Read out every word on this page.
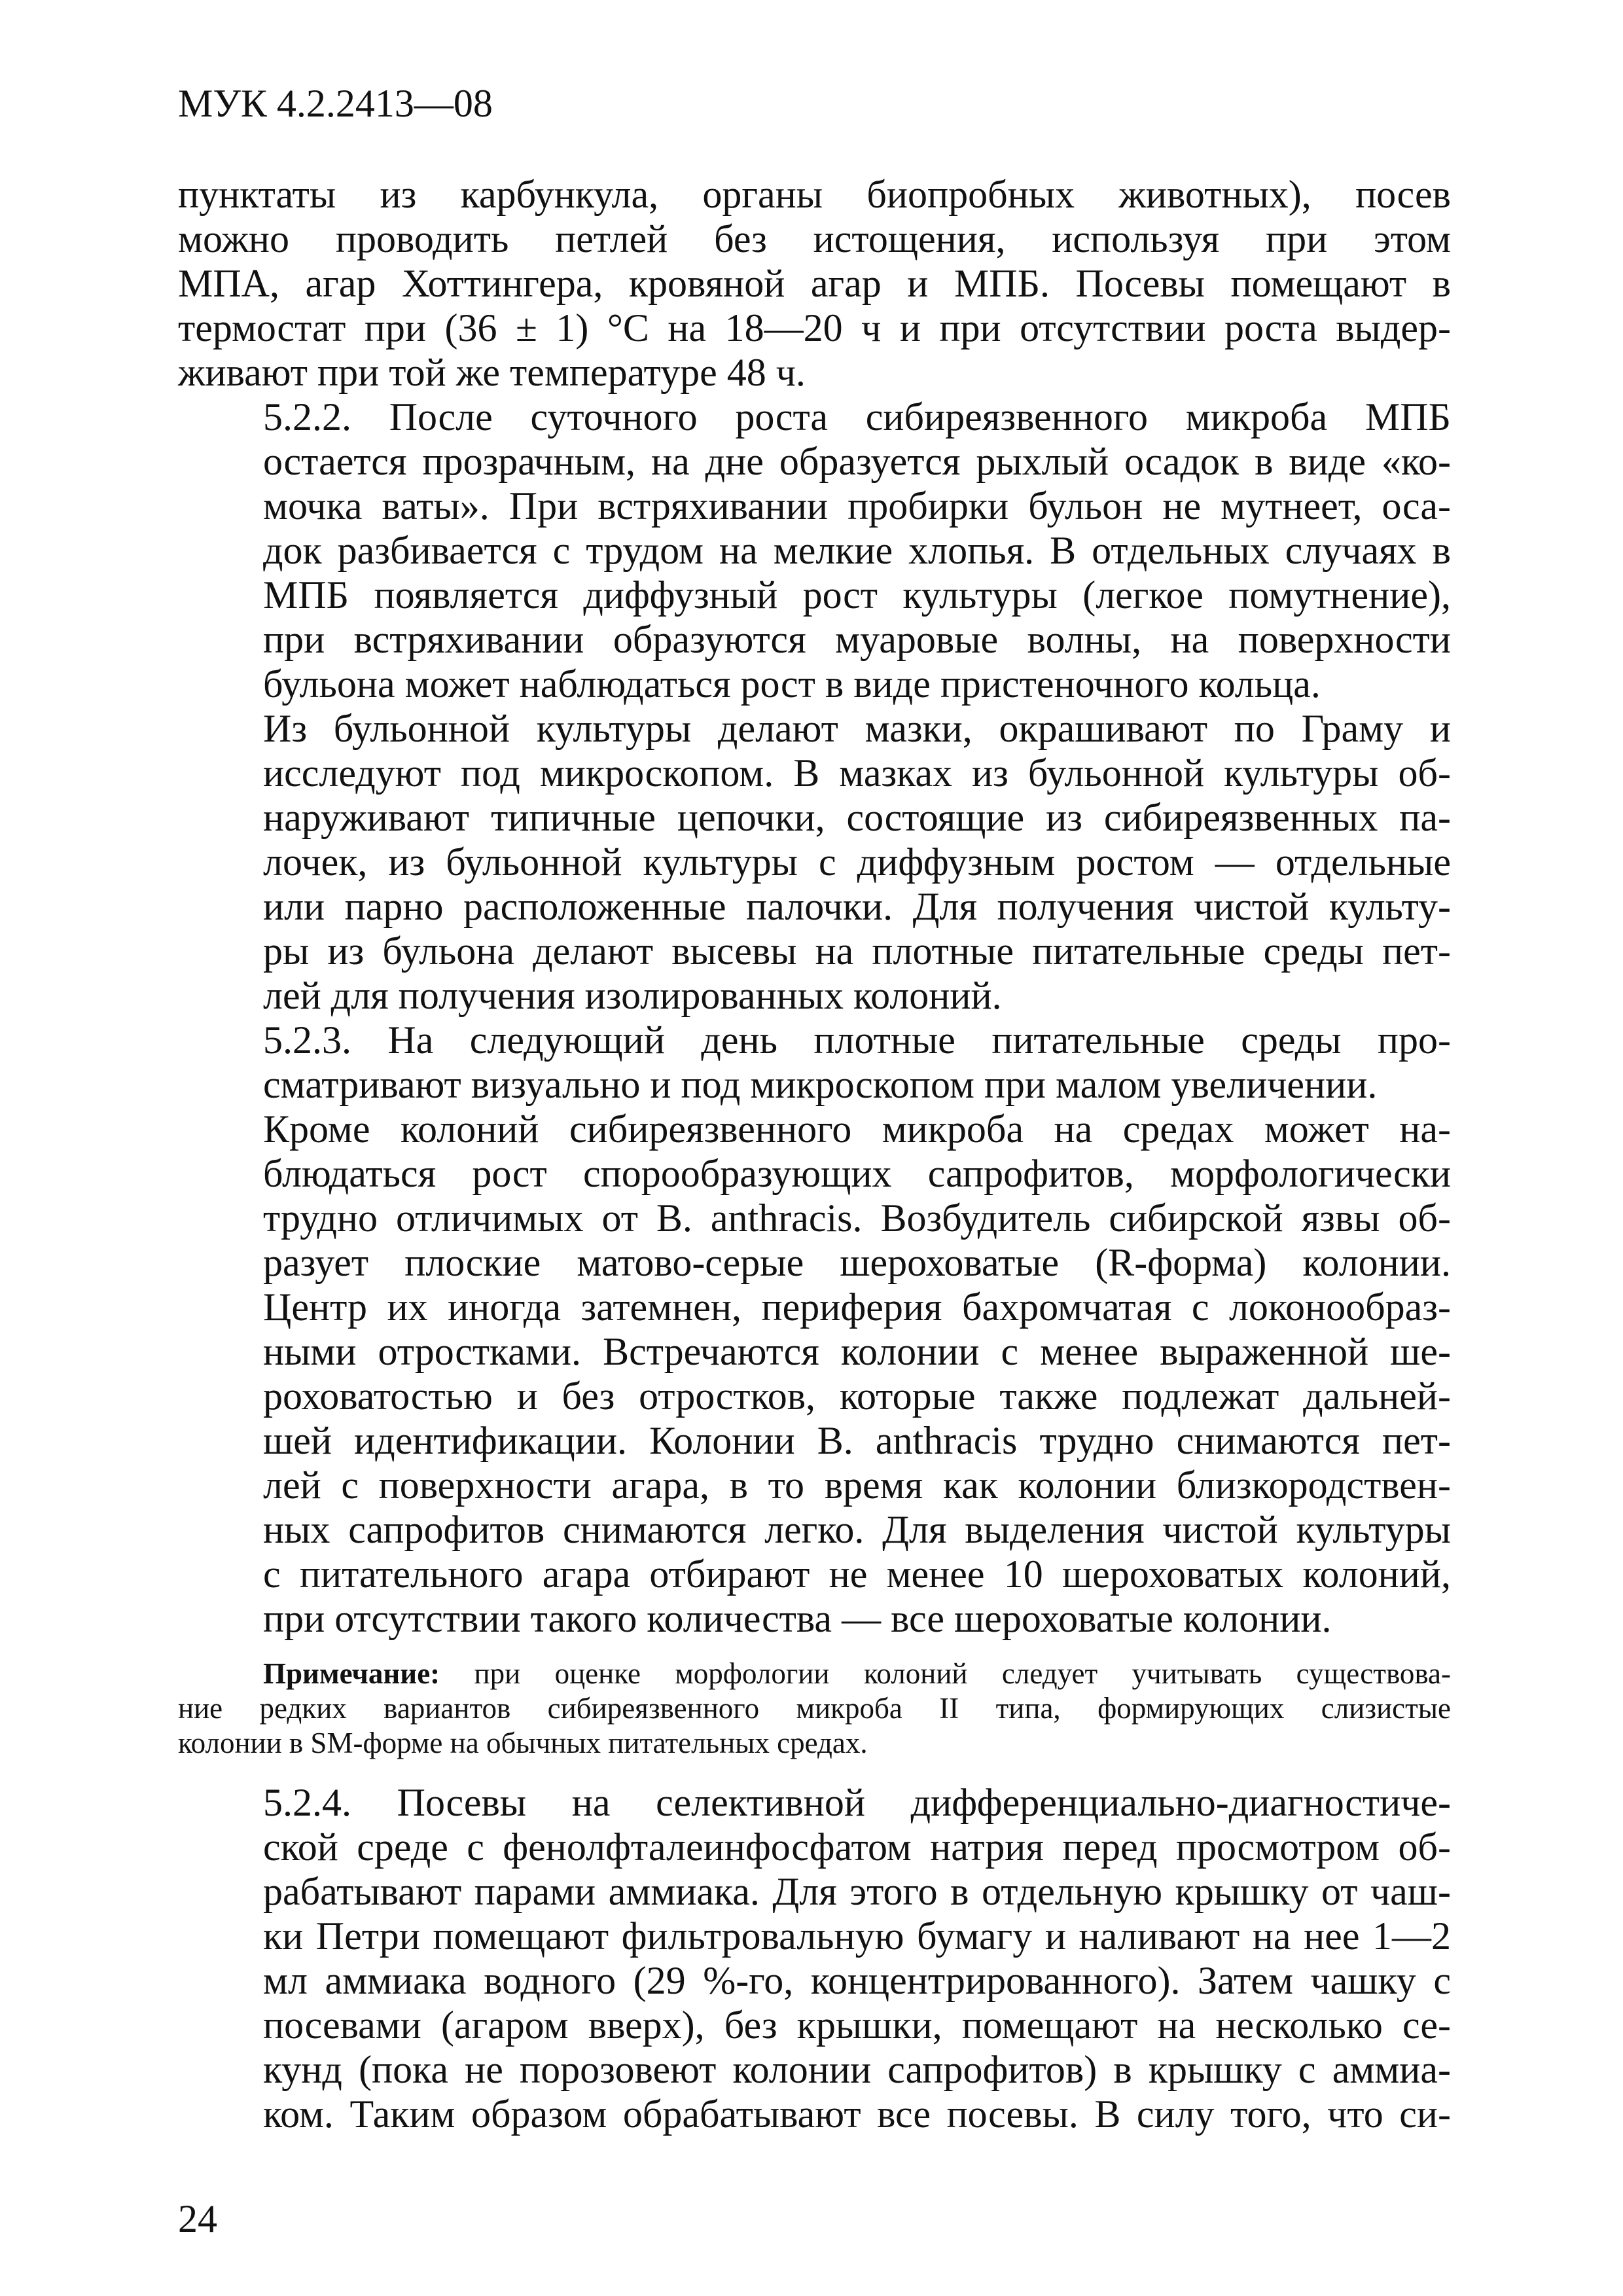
МУК 4.2.2413—08

пунктаты из карбункула, органы биопробных животных), посев
можно проводить петлей без истощения, используя при этом
МПА, агар Хоттингера, кровяной агар и МПБ. Посевы помещают в
термостат при (36 ± 1) °С на 18—20 ч и при отсутствии роста выдер-
живают при той же температуре 48 ч.

5.2.2. После суточного роста сибиреязвенного микроба МПБ
остается прозрачным, на дне образуется рыхлый осадок в виде «ко-
мочка ваты». При встряхивании пробирки бульон не мутнеет, оса-
док разбивается с трудом на мелкие хлопья. В отдельных случаях в
МПБ появляется диффузный рост культуры (легкое помутнение),
при встряхивании образуются муаровые волны, на поверхности
бульона может наблюдаться рост в виде пристеночного кольца.

Из бульонной культуры делают мазки, окрашивают по Граму и
исследуют под микроскопом. В мазках из бульонной культуры об-
наруживают типичные цепочки, состоящие из сибиреязвенных па-
лочек, из бульонной культуры с диффузным ростом — отдельные
или парно расположенные палочки. Для получения чистой культу-
ры из бульона делают высевы на плотные питательные среды пет-
лей для получения изолированных колоний.

5.2.3. На следующий день плотные питательные среды про-
сматривают визуально и под микроскопом при малом увеличении.

Кроме колоний сибиреязвенного микроба на средах может на-
блюдаться рост спорообразующих сапрофитов, морфологически
трудно отличимых от B. anthracis. Возбудитель сибирской язвы об-
разует плоские матово-серые шероховатые (R-форма) колонии.
Центр их иногда затемнен, периферия бахромчатая с локонообраз-
ными отростками. Встречаются колонии с менее выраженной ше-
роховатостью и без отростков, которые также подлежат дальней-
шей идентификации. Колонии B. anthracis трудно снимаются пет-
лей с поверхности агара, в то время как колонии близкородствен-
ных сапрофитов снимаются легко. Для выделения чистой культуры
с питательного агара отбирают не менее 10 шероховатых колоний,
при отсутствии такого количества — все шероховатые колонии.

Примечание: при оценке морфологии колоний следует учитывать существова-
ние редких вариантов сибиреязвенного микроба II типа, формирующих слизистые
колонии в SM-форме на обычных питательных средах.

5.2.4. Посевы на селективной дифференциально-диагностиче-
ской среде с фенолфталеинфосфатом натрия перед просмотром об-
рабатывают парами аммиака. Для этого в отдельную крышку от чаш-
ки Петри помещают фильтровальную бумагу и наливают на нее 1—2
мл аммиака водного (29 %-го, концентрированного). Затем чашку с
посевами (агаром вверх), без крышки, помещают на несколько се-
кунд (пока не порозовеют колонии сапрофитов) в крышку с аммиа-
ком. Таким образом обрабатывают все посевы. В силу того, что си-

24
